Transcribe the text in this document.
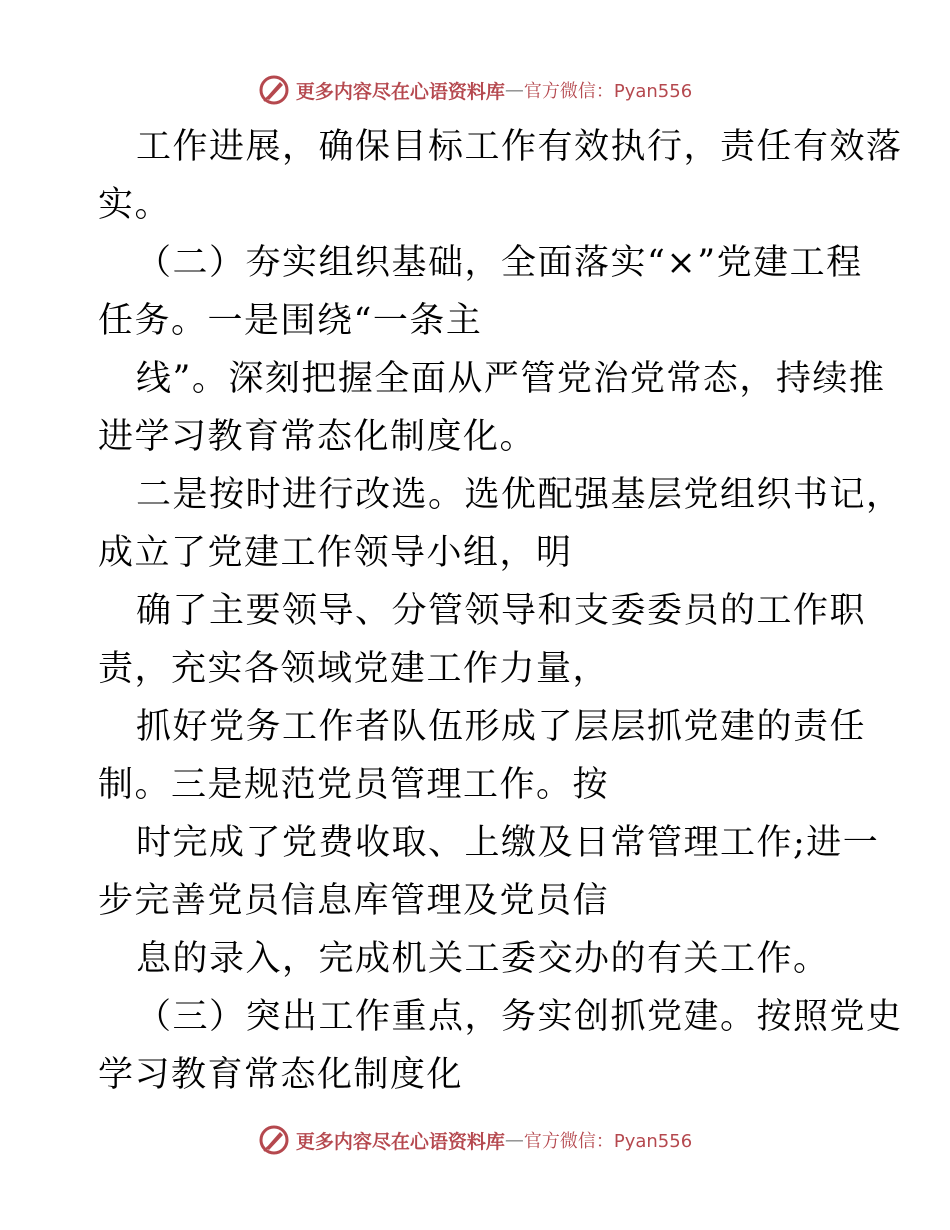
更多内容尽在心语资料库 — 官方微信：Pyan556
工作进展，确保目标工作有效执行，责任有效落
实。
（二）夯实组织基础，全面落实“×”党建工程
任务。一是围绕“一条主
线”。深刻把握全面从严管党治党常态，持续推
进学习教育常态化制度化。
二是按时进行改选。选优配强基层党组织书记，
成立了党建工作领导小组，明
确了主要领导、分管领导和支委委员的工作职
责，充实各领域党建工作力量，
抓好党务工作者队伍形成了层层抓党建的责任
制。三是规范党员管理工作。按
时完成了党费收取、上缴及日常管理工作;进一
步完善党员信息库管理及党员信
息的录入，完成机关工委交办的有关工作。
（三）突出工作重点，务实创抓党建。按照党史
学习教育常态化制度化
更多内容尽在心语资料库 — 官方微信：Pyan556
